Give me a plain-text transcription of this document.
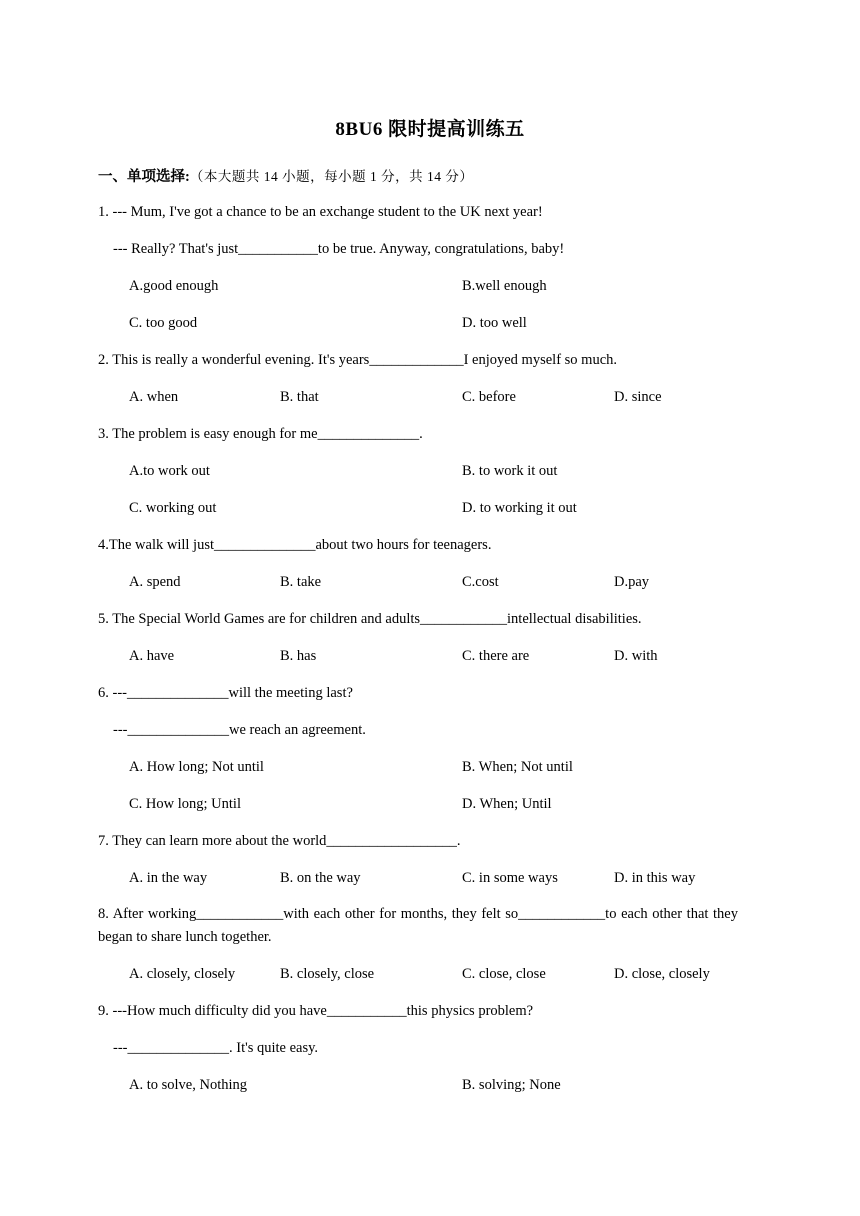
8BU6 限时提高训练五
一、单项选择:（本大题共 14 小题，每小题 1 分，共 14 分）
1. --- Mum, I've got a chance to be an exchange student to the UK next year!
--- Really? That's just___________to be true. Anyway, congratulations, baby!
A.good enough	B.well enough
C. too good	D. too well
2. This is really a wonderful evening. It's years_____________I enjoyed myself so much.
A. when	B. that	C. before	D. since
3. The problem is easy enough for me______________.
A.to work out	B. to work it out
C. working out	D. to working it out
4.The walk will just______________about two hours for teenagers.
A. spend	B. take	C.cost	D.pay
5. The Special World Games are for children and adults____________intellectual disabilities.
A. have	B. has	C. there are	D. with
6. ---______________will the meeting last?
---______________we reach an agreement.
A. How long; Not until	B. When; Not until
C. How long; Until	D. When; Until
7. They can learn more about the world__________________.
A. in the way	B. on the way	C. in some ways	D. in this way
8. After working____________with each other for months, they felt so____________to each other that they began to share lunch together.
A. closely, closely	B. closely, close	C. close, close	D. close, closely
9. ---How much difficulty did you have___________this physics problem?
---______________. It's quite easy.
A. to solve, Nothing	B. solving; None
